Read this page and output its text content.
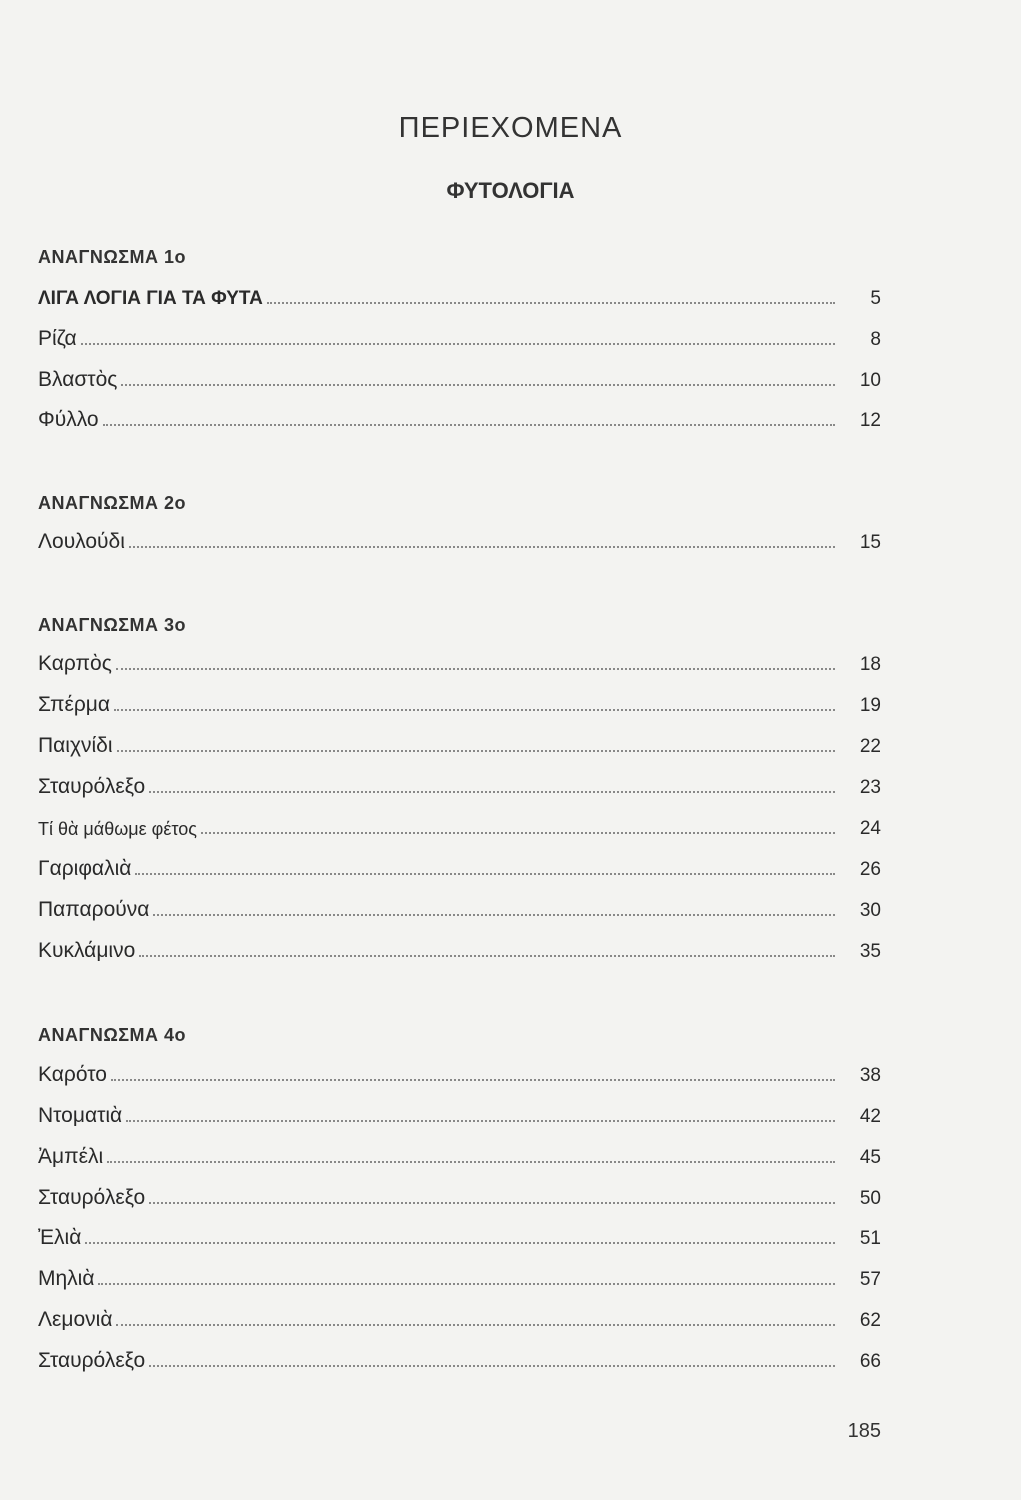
ΠΕΡΙΕΧΟΜΕΝΑ
ΦΥΤΟΛΟΓΙΑ
ΑΝΑΓΝΩΣΜΑ 1ο
ΛΙΓΑ ΛΟΓΙΑ ΓΙΑ ΤΑ ΦΥΤΑ	5
Ρίζα	8
Βλαστὸς	10
Φύλλο	12
ΑΝΑΓΝΩΣΜΑ 2ο
Λουλούδι	15
ΑΝΑΓΝΩΣΜΑ 3ο
Καρπὸς	18
Σπέρμα	19
Παιχνίδι	22
Σταυρόλεξο	23
Τί θὰ μάθωμε φέτος	24
Γαριφαλιὰ	26
Παπαρούνα	30
Κυκλάμινο	35
ΑΝΑΓΝΩΣΜΑ 4ο
Καρότο	38
Ντοματιὰ	42
Ἀμπέλι	45
Σταυρόλεξο	50
Ἐλιὰ	51
Μηλιὰ	57
Λεμονιὰ	62
Σταυρόλεξο	66
185
